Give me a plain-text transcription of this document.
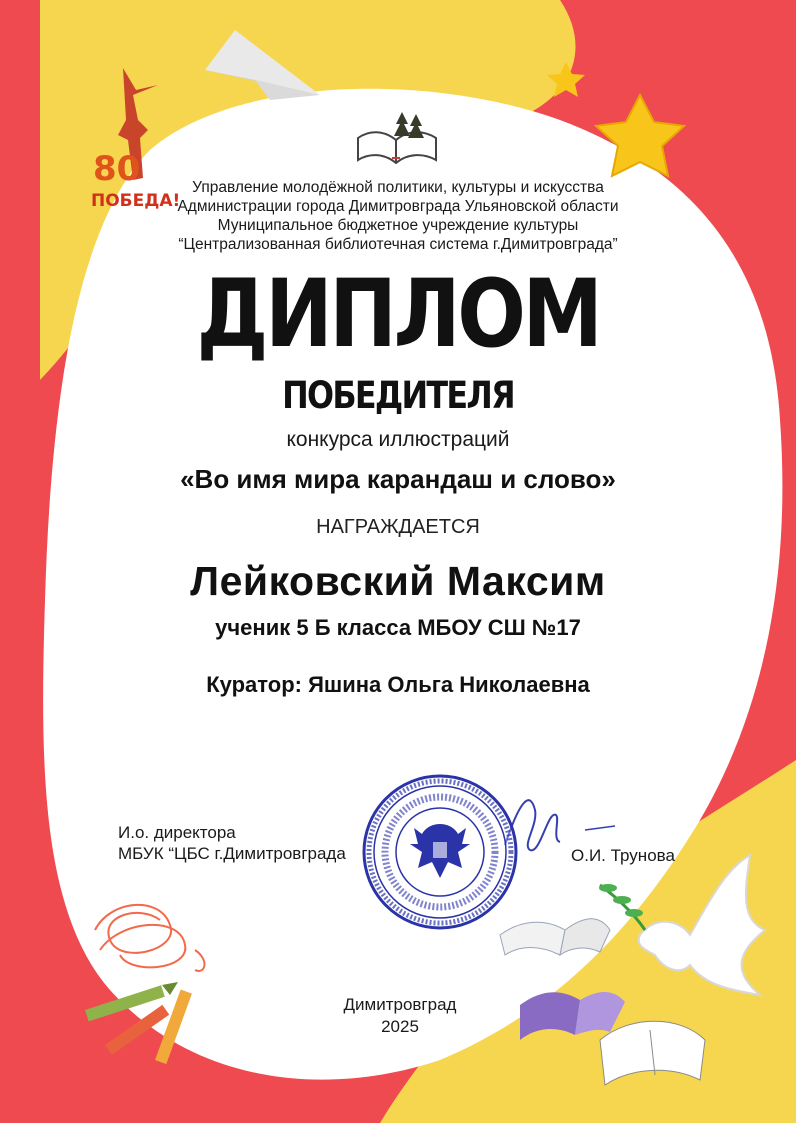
80
ПОБЕДА!
Управление молодёжной политики, культуры и искусства
Администрации города Димитровграда Ульяновской области
Муниципальное бюджетное учреждение культуры
“Централизованная библиотечная система г.Димитровграда”
ДИПЛОМ
ПОБЕДИТЕЛЯ
конкурса иллюстраций
«Во имя мира карандаш и слово»
НАГРАЖДАЕТСЯ
Лейковский Максим
ученик 5 Б класса МБОУ СШ №17
Куратор: Яшина Ольга Николаевна
И.о. директора
МБУК “ЦБС г.Димитровграда	О.И. Трунова
Димитровград
2025
